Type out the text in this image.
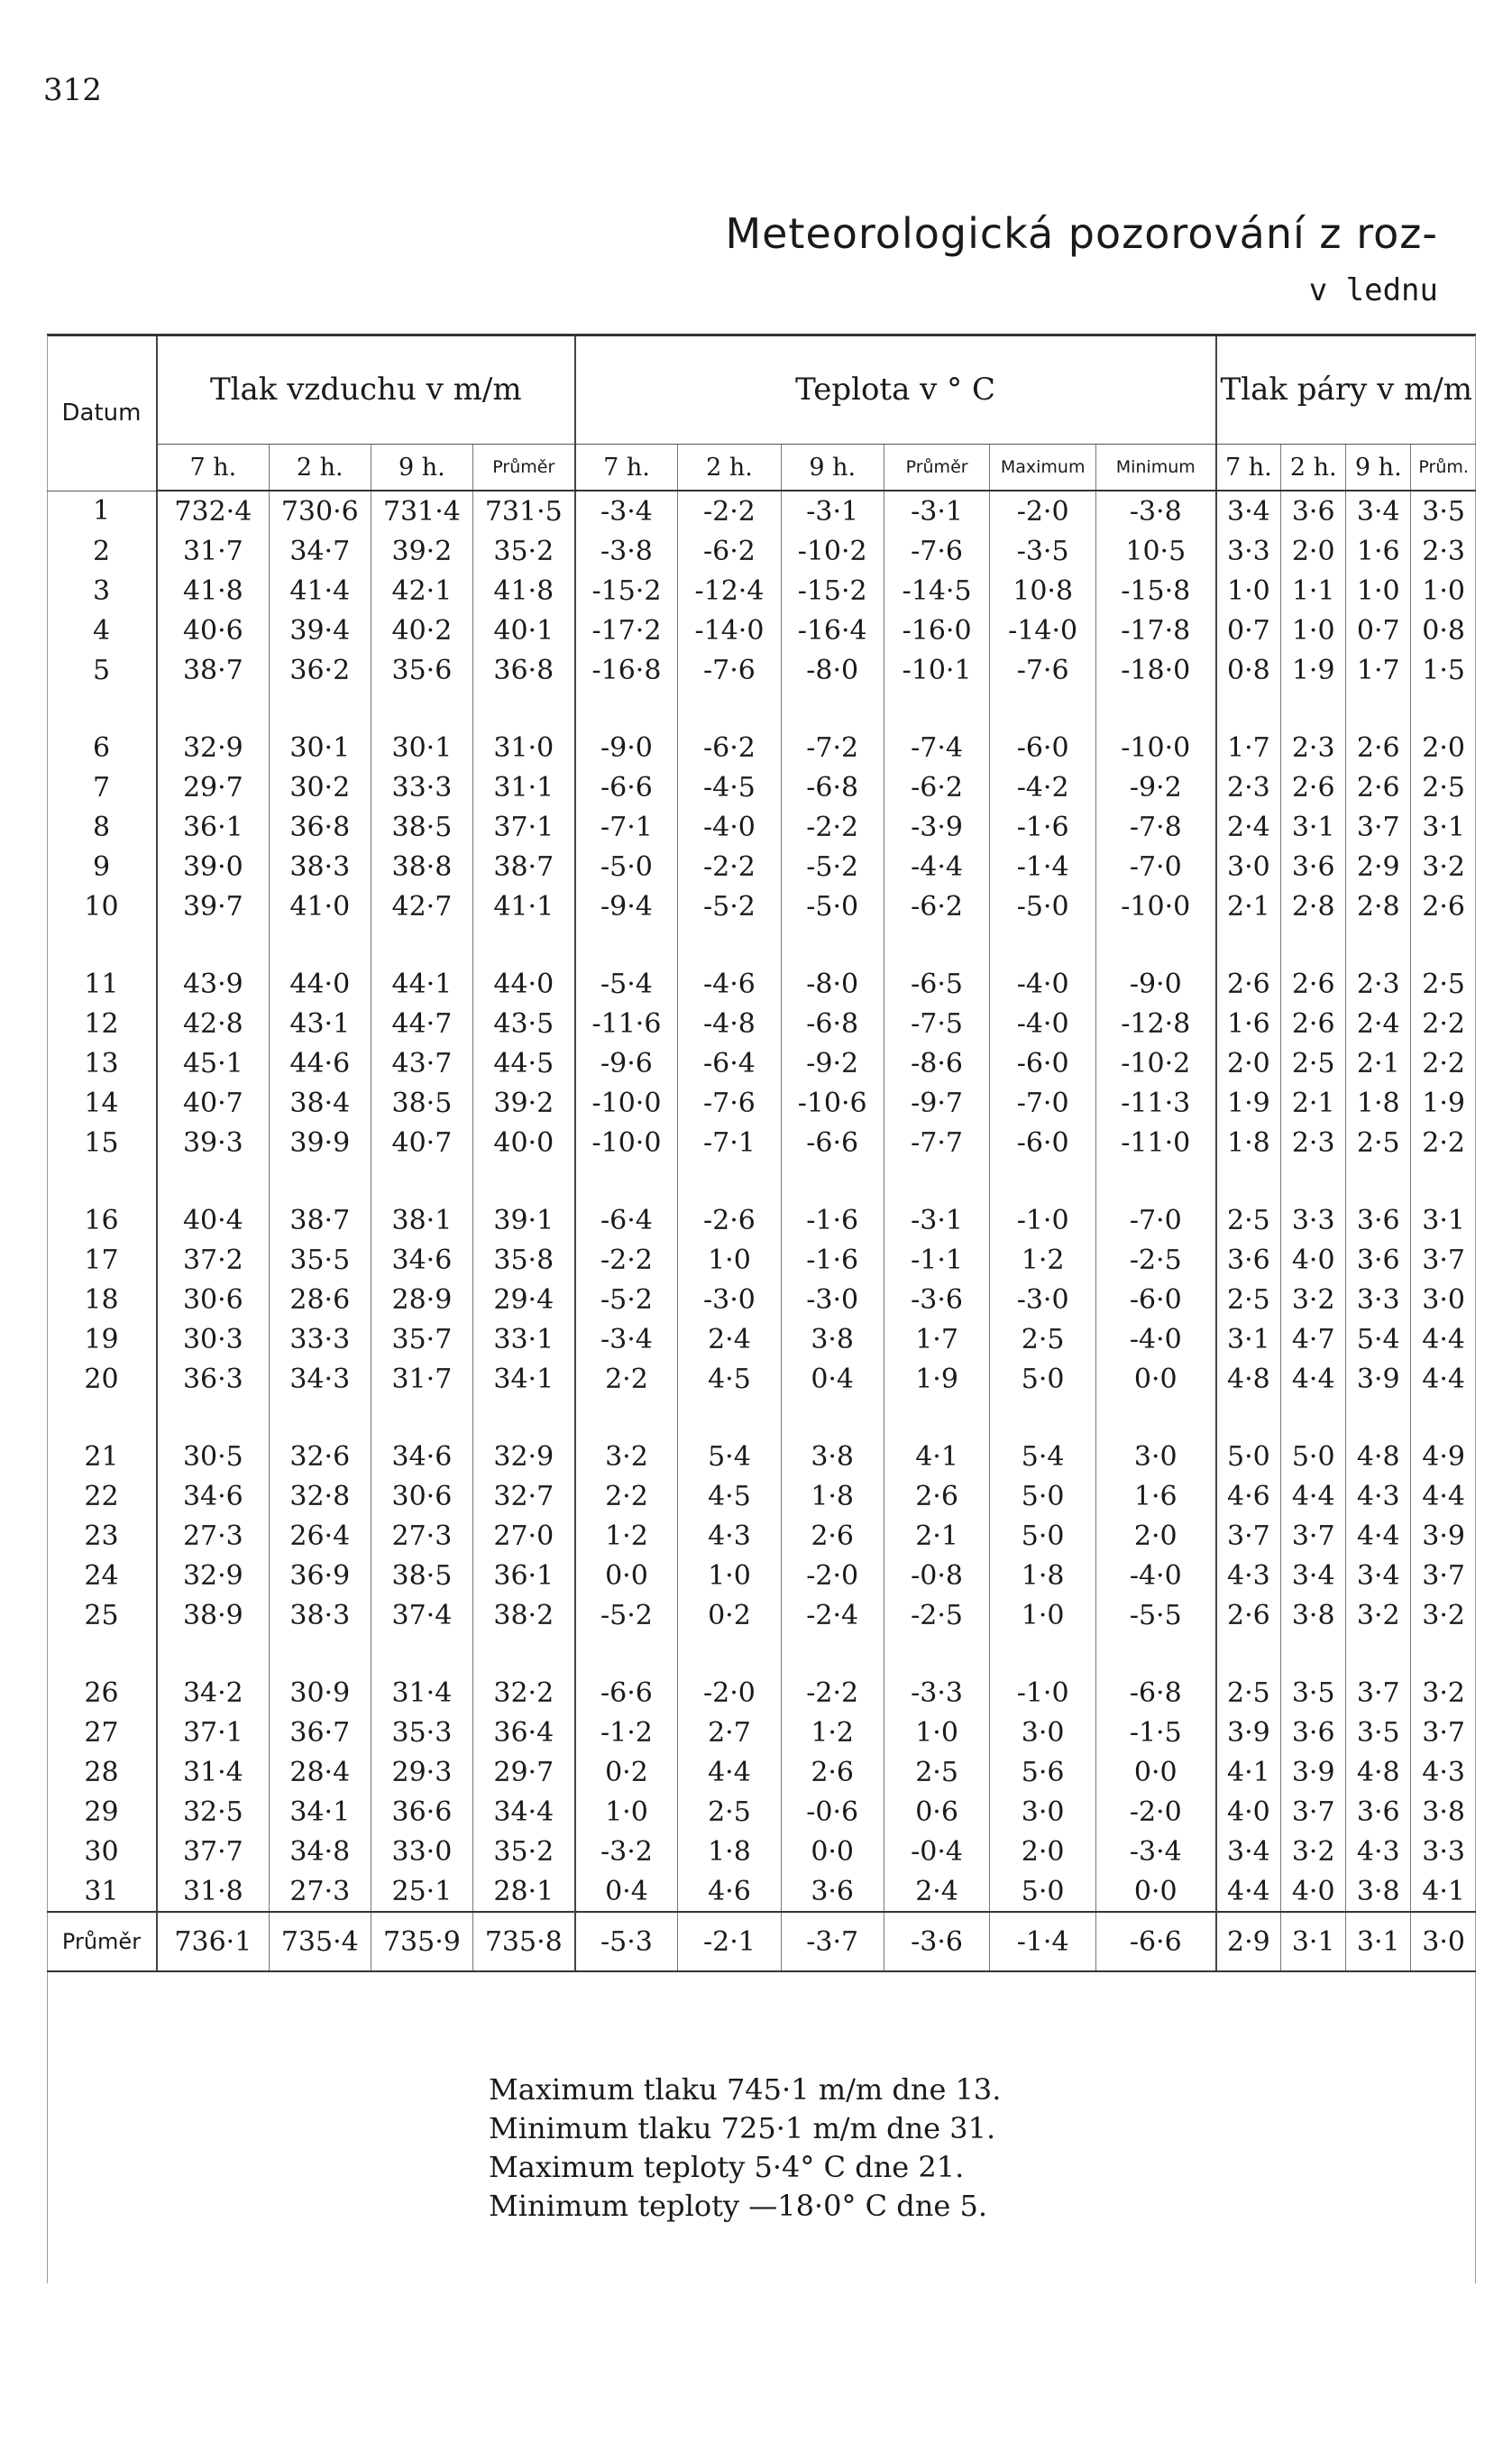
312
Meteorologická pozorování z roz-
v lednu
Datum	Tlak vzduchu v m/m				Teplota v ° C						Tlak páry v m/m			
	7 h.	2 h.	9 h.	Průměr	7 h.	2 h.	9 h.	Průměr	Maximum	Minimum	7 h.	2 h.	9 h.	Prům.
1	732·4	730·6	731·4	731·5	-3·4	-2·2	-3·1	-3·1	-2·0	-3·8	3·4	3·6	3·4	3·5
2	31·7	34·7	39·2	35·2	-3·8	-6·2	-10·2	-7·6	-3·5	10·5	3·3	2·0	1·6	2·3
3	41·8	41·4	42·1	41·8	-15·2	-12·4	-15·2	-14·5	10·8	-15·8	1·0	1·1	1·0	1·0
4	40·6	39·4	40·2	40·1	-17·2	-14·0	-16·4	-16·0	-14·0	-17·8	0·7	1·0	0·7	0·8
5	38·7	36·2	35·6	36·8	-16·8	-7·6	-8·0	-10·1	-7·6	-18·0	0·8	1·9	1·7	1·5

6	32·9	30·1	30·1	31·0	-9·0	-6·2	-7·2	-7·4	-6·0	-10·0	1·7	2·3	2·6	2·0
7	29·7	30·2	33·3	31·1	-6·6	-4·5	-6·8	-6·2	-4·2	-9·2	2·3	2·6	2·6	2·5
8	36·1	36·8	38·5	37·1	-7·1	-4·0	-2·2	-3·9	-1·6	-7·8	2·4	3·1	3·7	3·1
9	39·0	38·3	38·8	38·7	-5·0	-2·2	-5·2	-4·4	-1·4	-7·0	3·0	3·6	2·9	3·2
10	39·7	41·0	42·7	41·1	-9·4	-5·2	-5·0	-6·2	-5·0	-10·0	2·1	2·8	2·8	2·6

11	43·9	44·0	44·1	44·0	-5·4	-4·6	-8·0	-6·5	-4·0	-9·0	2·6	2·6	2·3	2·5
12	42·8	43·1	44·7	43·5	-11·6	-4·8	-6·8	-7·5	-4·0	-12·8	1·6	2·6	2·4	2·2
13	45·1	44·6	43·7	44·5	-9·6	-6·4	-9·2	-8·6	-6·0	-10·2	2·0	2·5	2·1	2·2
14	40·7	38·4	38·5	39·2	-10·0	-7·6	-10·6	-9·7	-7·0	-11·3	1·9	2·1	1·8	1·9
15	39·3	39·9	40·7	40·0	-10·0	-7·1	-6·6	-7·7	-6·0	-11·0	1·8	2·3	2·5	2·2

16	40·4	38·7	38·1	39·1	-6·4	-2·6	-1·6	-3·1	-1·0	-7·0	2·5	3·3	3·6	3·1
17	37·2	35·5	34·6	35·8	-2·2	1·0	-1·6	-1·1	1·2	-2·5	3·6	4·0	3·6	3·7
18	30·6	28·6	28·9	29·4	-5·2	-3·0	-3·0	-3·6	-3·0	-6·0	2·5	3·2	3·3	3·0
19	30·3	33·3	35·7	33·1	-3·4	2·4	3·8	1·7	2·5	-4·0	3·1	4·7	5·4	4·4
20	36·3	34·3	31·7	34·1	2·2	4·5	0·4	1·9	5·0	0·0	4·8	4·4	3·9	4·4

21	30·5	32·6	34·6	32·9	3·2	5·4	3·8	4·1	5·4	3·0	5·0	5·0	4·8	4·9
22	34·6	32·8	30·6	32·7	2·2	4·5	1·8	2·6	5·0	1·6	4·6	4·4	4·3	4·4
23	27·3	26·4	27·3	27·0	1·2	4·3	2·6	2·1	5·0	2·0	3·7	3·7	4·4	3·9
24	32·9	36·9	38·5	36·1	0·0	1·0	-2·0	-0·8	1·8	-4·0	4·3	3·4	3·4	3·7
25	38·9	38·3	37·4	38·2	-5·2	0·2	-2·4	-2·5	1·0	-5·5	2·6	3·8	3·2	3·2

26	34·2	30·9	31·4	32·2	-6·6	-2·0	-2·2	-3·3	-1·0	-6·8	2·5	3·5	3·7	3·2
27	37·1	36·7	35·3	36·4	-1·2	2·7	1·2	1·0	3·0	-1·5	3·9	3·6	3·5	3·7
28	31·4	28·4	29·3	29·7	0·2	4·4	2·6	2·5	5·6	0·0	4·1	3·9	4·8	4·3
29	32·5	34·1	36·6	34·4	1·0	2·5	-0·6	0·6	3·0	-2·0	4·0	3·7	3·6	3·8
30	37·7	34·8	33·0	35·2	-3·2	1·8	0·0	-0·4	2·0	-3·4	3·4	3·2	4·3	3·3
31	31·8	27·3	25·1	28·1	0·4	4·6	3·6	2·4	5·0	0·0	4·4	4·0	3·8	4·1
Průměr	736·1	735·4	735·9	735·8	-5·3	-2·1	-3·7	-3·6	-1·4	-6·6	2·9	3·1	3·1	3·0
Maximum tlaku 745·1 m/m dne 13.
Minimum tlaku 725·1 m/m dne 31.
Maximum teploty 5·4° C dne 21.
Minimum teploty —18·0° C dne 5.
